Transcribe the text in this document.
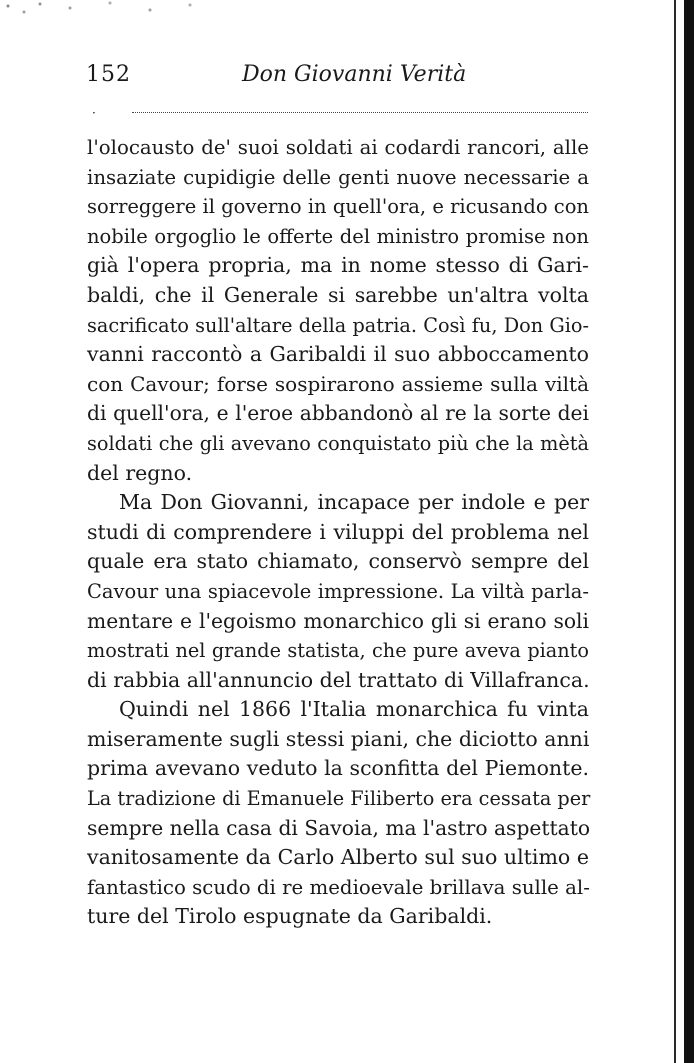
152	Don Giovanni Verità
·

l'olocausto de' suoi soldati ai codardi rancori, alle
insaziate cupidigie delle genti nuove necessarie a
sorreggere il governo in quell'ora, e ricusando con
nobile orgoglio le offerte del ministro promise non
già l'opera propria, ma in nome stesso di Gari-
baldi, che il Generale si sarebbe un'altra volta
sacrificato sull'altare della patria. Così fu, Don Gio-
vanni raccontò a Garibaldi il suo abboccamento
con Cavour; forse sospirarono assieme sulla viltà
di quell'ora, e l'eroe abbandonò al re la sorte dei
soldati che gli avevano conquistato più che la mètà
del regno.

Ma Don Giovanni, incapace per indole e per
studi di comprendere i viluppi del problema nel
quale era stato chiamato, conservò sempre del
Cavour una spiacevole impressione. La viltà parla-
mentare e l'egoismo monarchico gli si erano soli
mostrati nel grande statista, che pure aveva pianto
di rabbia all'annuncio del trattato di Villafranca.

Quindi nel 1866 l'Italia monarchica fu vinta
miseramente sugli stessi piani, che diciotto anni
prima avevano veduto la sconfitta del Piemonte.
La tradizione di Emanuele Filiberto era cessata per
sempre nella casa di Savoia, ma l'astro aspettato
vanitosamente da Carlo Alberto sul suo ultimo e
fantastico scudo di re medioevale brillava sulle al-
ture del Tirolo espugnate da Garibaldi.
